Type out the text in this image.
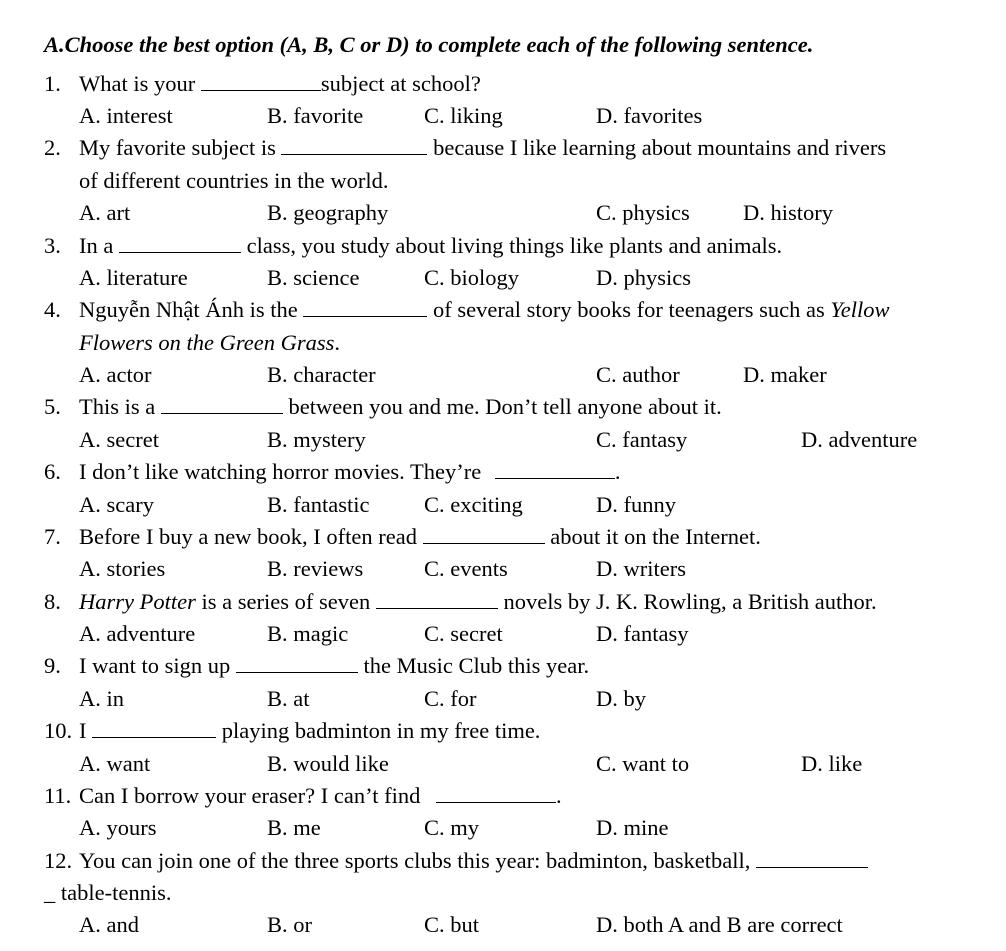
A.Choose the best option (A, B, C or D) to complete each of the following sentence.
1. What is your	subject at school?
A. interest	B. favorite	C. liking	D. favorites
2. My favorite subject is	because I like learning about mountains and rivers
of different countries in the world.
A. art	B. geography	C. physics D. history
3. In a	class, you study about living things like plants and animals.
A. literature	B. science	C. biology	D. physics
4. Nguyễn Nhật Ánh is the	of several story books for teenagers such as Yellow
Flowers on the Green Grass.
A. actor	B. character	C. author	D. maker
5. This is a	between you and me. Don’t tell anyone about it.
A. secret	B. mystery	C. fantasy	D. adventure
6. I don’t like watching horror movies. They’re	.
A. scary	B. fantastic C. exciting	D. funny
7. Before I buy a new book, I often read	about it on the Internet.
A. stories	B. reviews	C. events	D. writers
8. Harry Potter is a series of seven	novels by J. K. Rowling, a British author.
A. adventure	B. magic	C. secret	D. fantasy
9. I want to sign up	the Music Club this year.
A. in	B. at	C. for	D. by
10. I	playing badminton in my free time.
A. want	B. would like	C. want to	D. like
11. Can I borrow your eraser? I can’t find	.
A. yours	B. me	C. my	D. mine
12. You can join one of the three sports clubs this year: badminton, basketball,
_ table-tennis.
A. and	B. or	C. but	D. both A and B are correct
